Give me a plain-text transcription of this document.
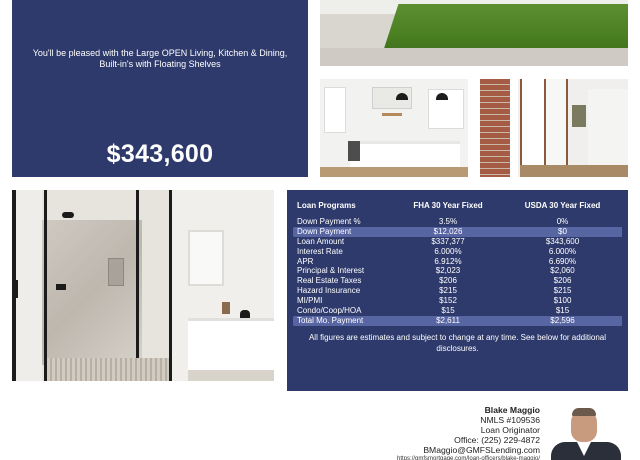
You'll be pleased with the Large OPEN Living, Kitchen & Dining, Built-in's with Floating Shelves
$343,600
Loan Programs	FHA 30 Year Fixed	USDA 30 Year Fixed
Down Payment %	3.5%	0%
Down Payment	$12,026	$0
Loan Amount	$337,377	$343,600
Interest Rate	6.000%	6.000%
APR	6.912%	6.690%
Principal & Interest	$2,023	$2,060
Real Estate Taxes	$206	$206
Hazard Insurance	$215	$215
MI/PMI	$152	$100
Condo/Coop/HOA	$15	$15
Total Mo. Payment	$2,611	$2,596
All figures are estimates and subject to change at any time. See below for additional disclosures.
Blake Maggio
NMLS #109536
Loan Originator
Office: (225) 229-4872
BMaggio@GMFSLending.com
https://gmfsmortgage.com/loan-officers/blake-maggio/
